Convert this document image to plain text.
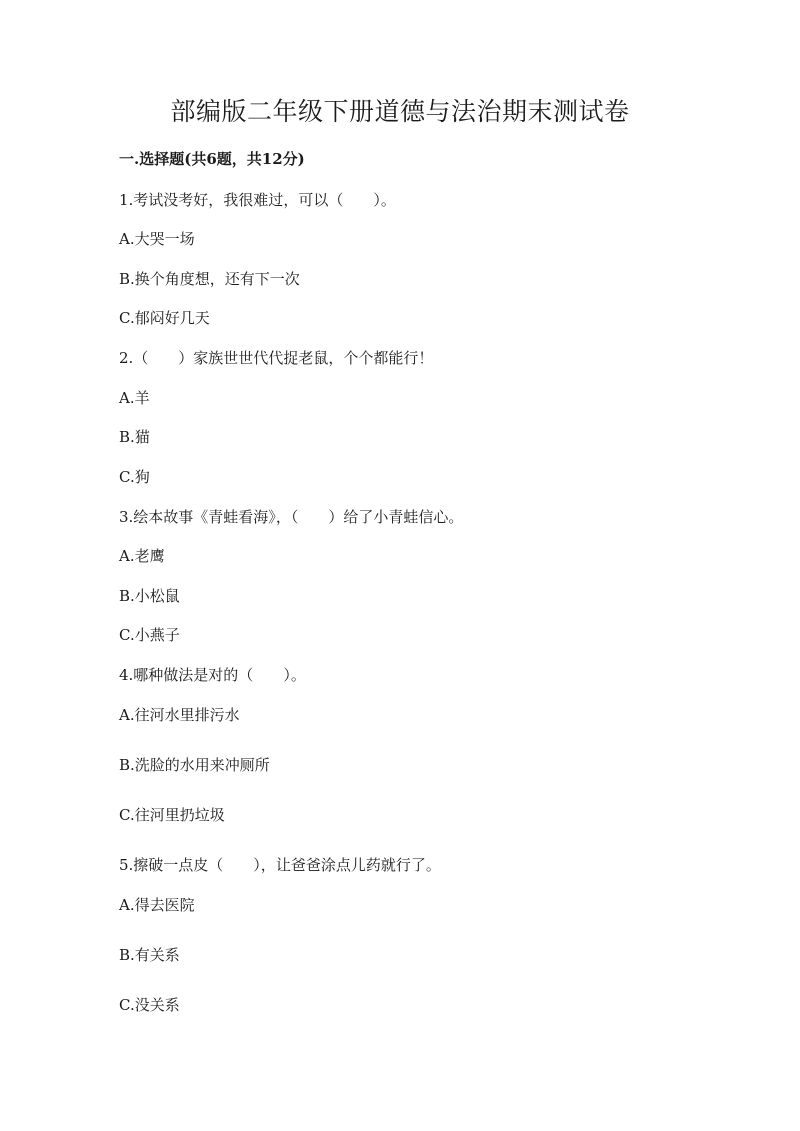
部编版二年级下册道德与法治期末测试卷

一.选择题(共6题，共12分)

1.考试没考好，我很难过，可以（　　）。

A.大哭一场

B.换个角度想，还有下一次

C.郁闷好几天

2.（　　）家族世世代代捉老鼠，个个都能行！

A.羊

B.猫

C.狗

3.绘本故事《青蛙看海》，（　　）给了小青蛙信心。

A.老鹰

B.小松鼠

C.小燕子

4.哪种做法是对的（　　）。

A.往河水里排污水

B.洗脸的水用来冲厕所

C.往河里扔垃圾

5.擦破一点皮（　　），让爸爸涂点儿药就行了。

A.得去医院

B.有关系

C.没关系
